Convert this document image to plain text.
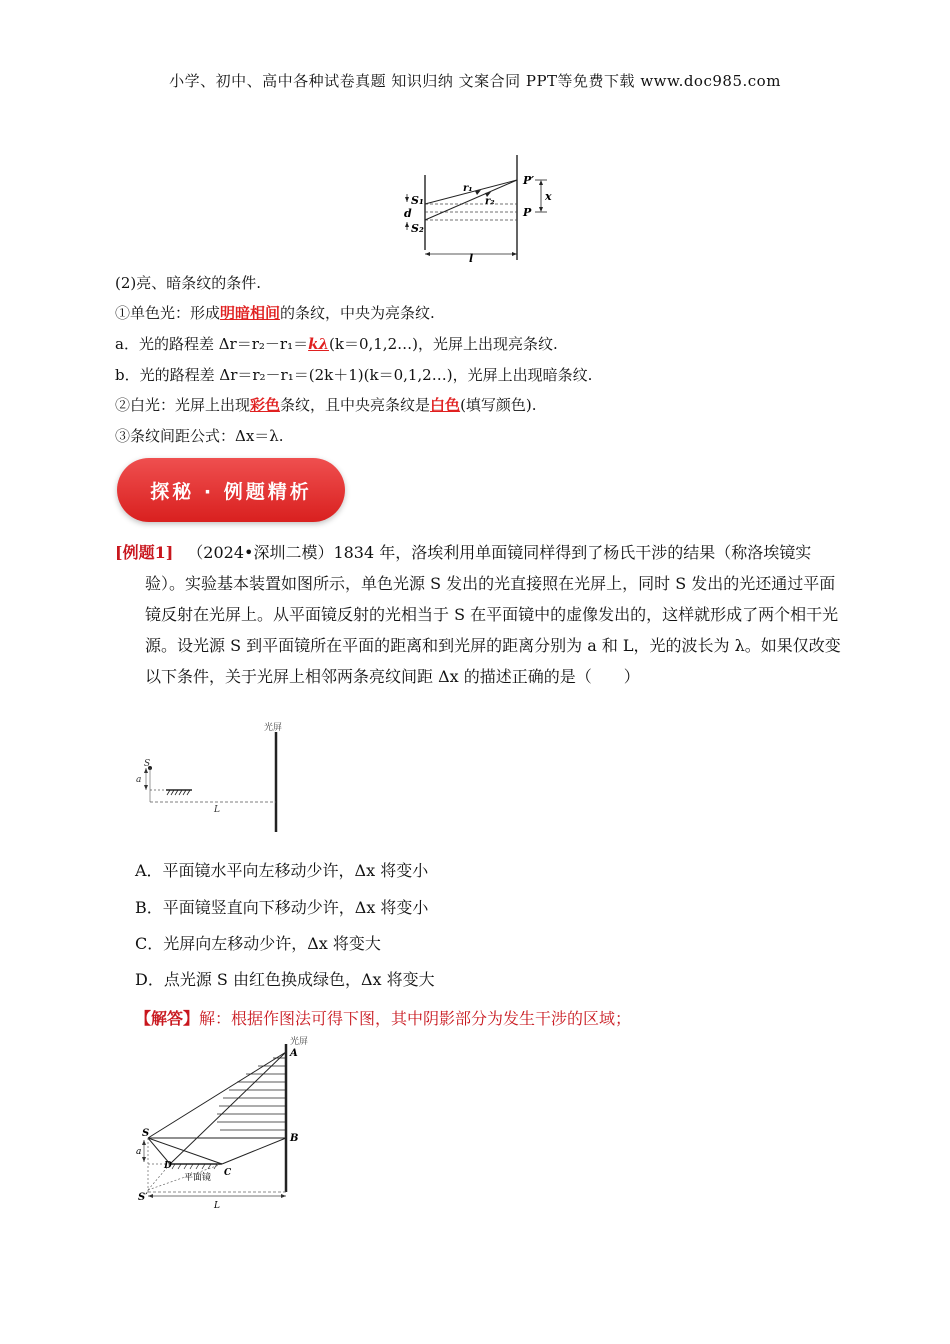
小学、初中、高中各种试卷真题 知识归纳 文案合同 PPT等免费下载 www.doc985.com
S₁
d
S₂
r₁
r₂
P′
P
x
l
(2)亮、暗条纹的条件.
①单色光：形成明暗相间的条纹，中央为亮条纹.
a．光的路程差 Δr＝r₂－r₁＝kλ(k＝0,1,2…)，光屏上出现亮条纹.
b．光的路程差 Δr＝r₂－r₁＝(2k＋1)(k＝0,1,2…)，光屏上出现暗条纹.
②白光：光屏上出现彩色条纹，且中央亮条纹是白色(填写颜色).
③条纹间距公式：Δx＝λ.
探秘 · 例题精析
[例题1] （2024•深圳二模）1834 年，洛埃利用单面镜同样得到了杨氏干涉的结果（称洛埃镜实验）。实验基本装置如图所示，单色光源 S 发出的光直接照在光屏上，同时 S 发出的光还通过平面镜反射在光屏上。从平面镜反射的光相当于 S 在平面镜中的虚像发出的，这样就形成了两个相干光源。设光源 S 到平面镜所在平面的距离和到光屏的距离分别为 a 和 L，光的波长为 λ。如果仅改变以下条件，关于光屏上相邻两条亮纹间距 Δx 的描述正确的是（　　）
光屏
S
a
L
A．平面镜水平向左移动少许，Δx 将变小
B．平面镜竖直向下移动少许，Δx 将变小
C．光屏向左移动少许，Δx 将变大
D．点光源 S 由红色换成绿色，Δx 将变大
【解答】解：根据作图法可得下图，其中阴影部分为发生干涉的区域；
光屏
A
B
S
D
C
a
平面镜
S′
L
